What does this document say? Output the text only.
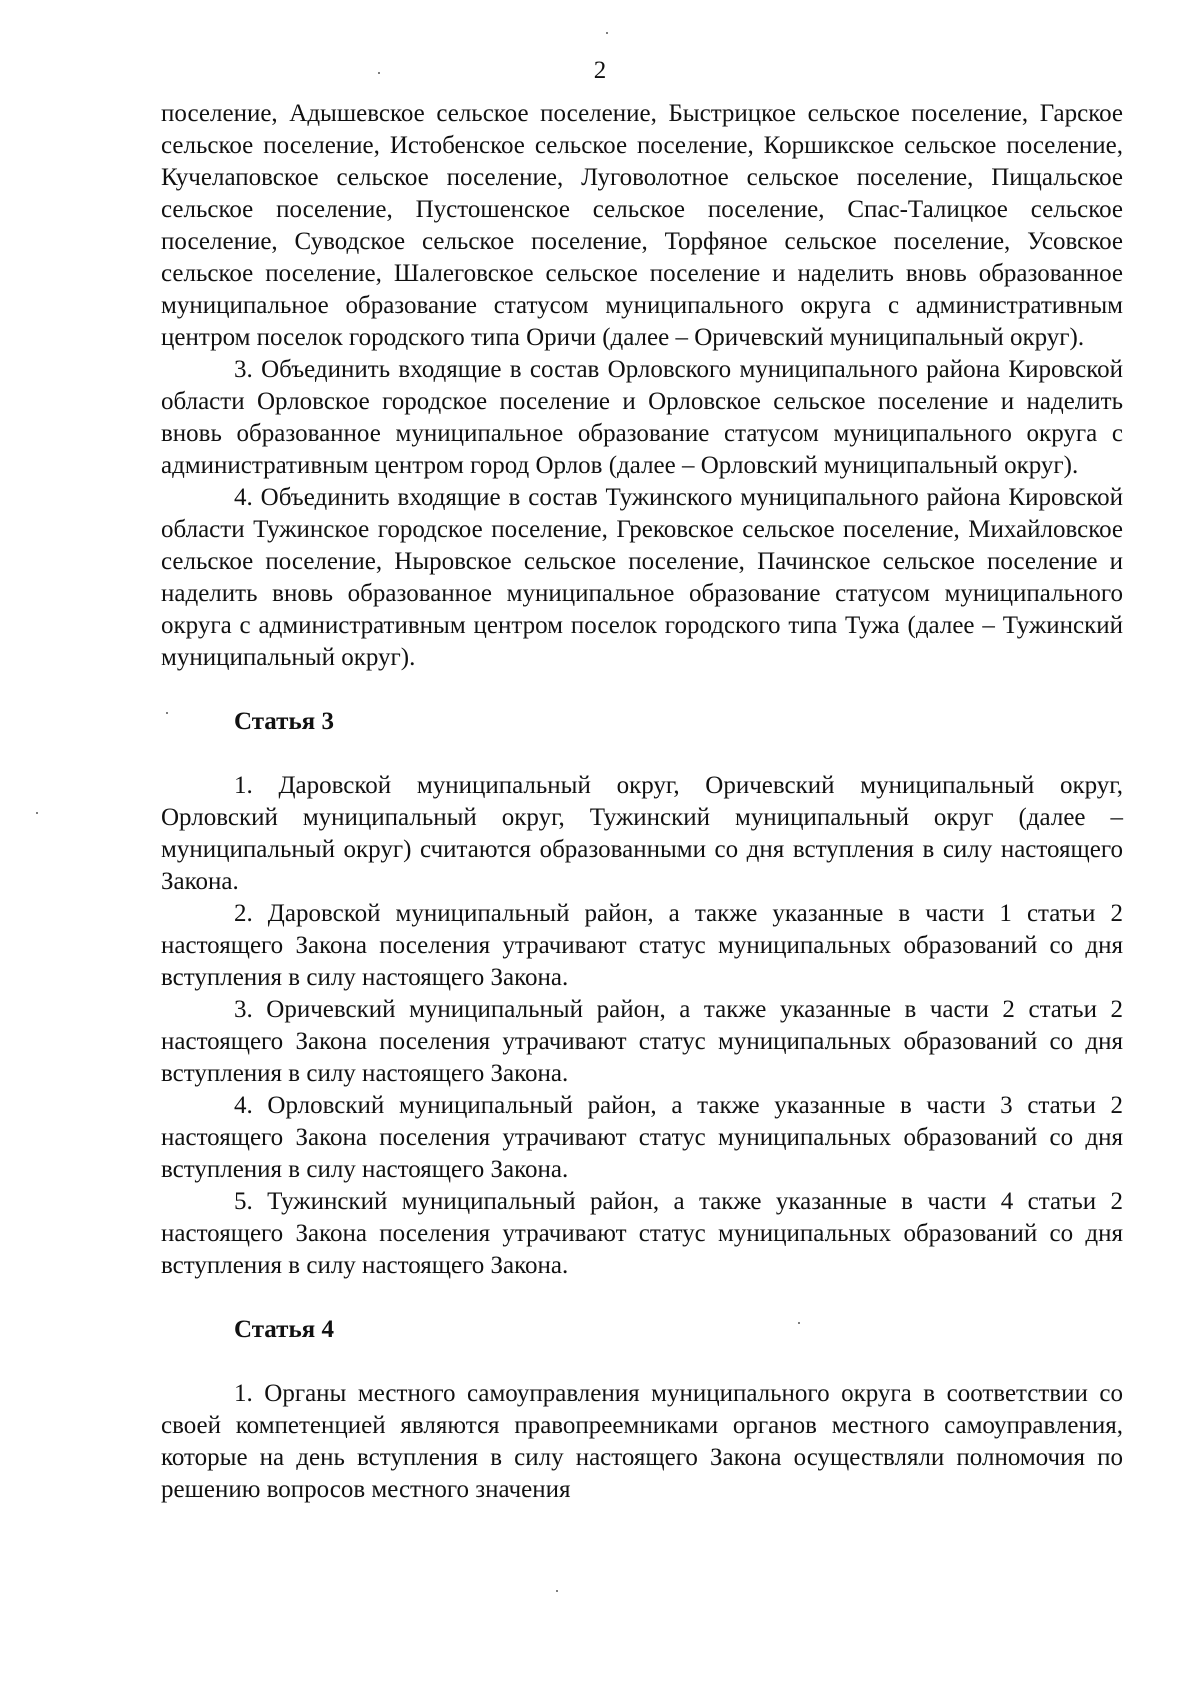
2

поселение, Адышевское сельское поселение, Быстрицкое сельское поселение, Гарское сельское поселение, Истобенское сельское поселение, Коршикское сельское поселение, Кучелаповское сельское поселение, Луговолотное сельское поселение, Пищальское сельское поселение, Пустошенское сельское поселение, Спас-Талицкое сельское поселение, Суводское сельское поселение, Торфяное сельское поселение, Усовское сельское поселение, Шалеговское сельское поселение и наделить вновь образованное муниципальное образование статусом муниципального округа с административным центром поселок городского типа Оричи (далее – Оричевский муниципальный округ).

3. Объединить входящие в состав Орловского муниципального района Кировской области Орловское городское поселение и Орловское сельское поселение и наделить вновь образованное муниципальное образование статусом муниципального округа с административным центром город Орлов (далее – Орловский муниципальный округ).

4. Объединить входящие в состав Тужинского муниципального района Кировской области Тужинское городское поселение, Грековское сельское поселение, Михайловское сельское поселение, Ныровское сельское поселение, Пачинское сельское поселение и наделить вновь образованное муниципальное образование статусом муниципального округа с административным центром поселок городского типа Тужа (далее – Тужинский муниципальный округ).

Статья 3

1. Даровской муниципальный округ, Оричевский муниципальный округ, Орловский муниципальный округ, Тужинский муниципальный округ (далее – муниципальный округ) считаются образованными со дня вступления в силу настоящего Закона.

2. Даровской муниципальный район, а также указанные в части 1 статьи 2 настоящего Закона поселения утрачивают статус муниципальных образований со дня вступления в силу настоящего Закона.

3. Оричевский муниципальный район, а также указанные в части 2 статьи 2 настоящего Закона поселения утрачивают статус муниципальных образований со дня вступления в силу настоящего Закона.

4. Орловский муниципальный район, а также указанные в части 3 статьи 2 настоящего Закона поселения утрачивают статус муниципальных образований со дня вступления в силу настоящего Закона.

5. Тужинский муниципальный район, а также указанные в части 4 статьи 2 настоящего Закона поселения утрачивают статус муниципальных образований со дня вступления в силу настоящего Закона.

Статья 4

1. Органы местного самоуправления муниципального округа в соответствии со своей компетенцией являются правопреемниками органов местного самоуправления, которые на день вступления в силу настоящего Закона осуществляли полномочия по решению вопросов местного значения
